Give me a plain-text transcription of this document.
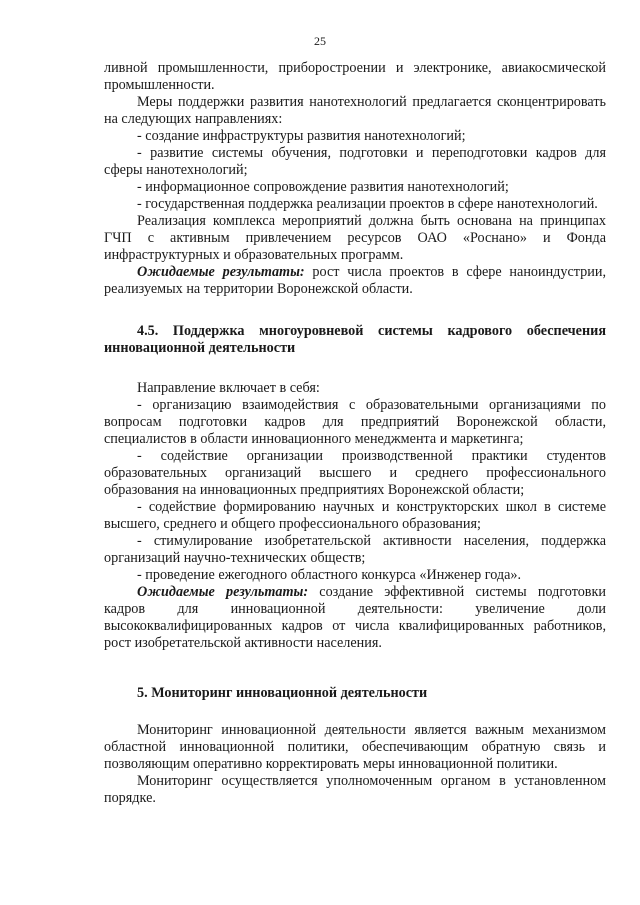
25

ливной промышленности, приборостроении и электронике, авиакосмической промышленности.

Меры поддержки развития нанотехнологий предлагается сконцентрировать на следующих направлениях:

- создание инфраструктуры развития нанотехнологий;

- развитие системы обучения, подготовки и переподготовки кадров для сферы нанотехнологий;

- информационное сопровождение развития нанотехнологий;

- государственная поддержка реализации проектов в сфере нанотехнологий.

Реализация комплекса мероприятий должна быть основана на принципах ГЧП с активным привлечением ресурсов ОАО «Роснано» и Фонда инфраструктурных и образовательных программ.

Ожидаемые результаты: рост числа проектов в сфере наноиндустрии, реализуемых на территории Воронежской области.

4.5. Поддержка многоуровневой системы кадрового обеспечения инновационной деятельности

Направление включает в себя:

- организацию взаимодействия с образовательными организациями по вопросам подготовки кадров для предприятий Воронежской области, специалистов в области инновационного менеджмента и маркетинга;

- содействие организации производственной практики студентов образовательных организаций высшего и среднего профессионального образования на инновационных предприятиях Воронежской области;

- содействие формированию научных и конструкторских школ в системе высшего, среднего и общего профессионального образования;

- стимулирование изобретательской активности населения, поддержка организаций научно-технических обществ;

- проведение ежегодного областного конкурса «Инженер года».

Ожидаемые результаты: создание эффективной системы подготовки кадров для инновационной деятельности: увеличение доли высококвалифицированных кадров от числа квалифицированных работников, рост изобретательской активности населения.

5. Мониторинг инновационной деятельности

Мониторинг инновационной деятельности является важным механизмом областной инновационной политики, обеспечивающим обратную связь и позволяющим оперативно корректировать меры инновационной политики.

Мониторинг осуществляется уполномоченным органом в установленном порядке.
